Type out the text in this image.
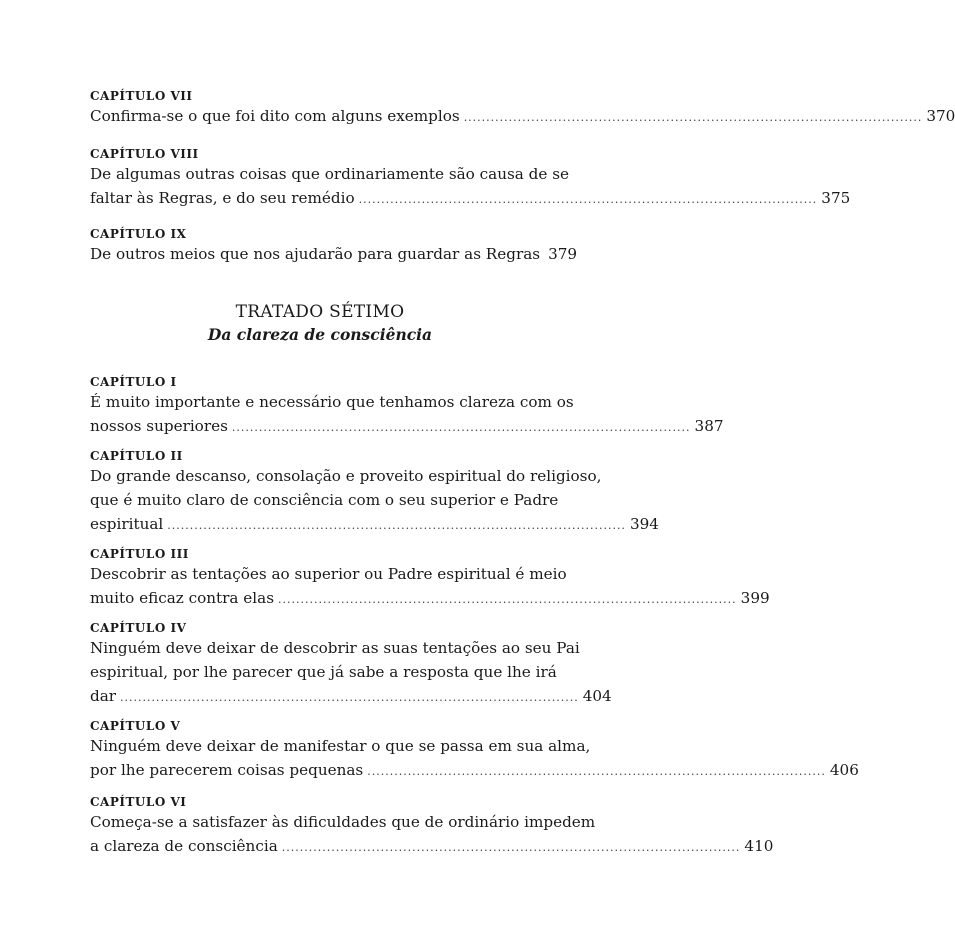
CAPÍTULO VII
Confirma-se o que foi dito com alguns exemplos ...................................................................................................... 370
CAPÍTULO VIII
De algumas outras coisas que ordinariamente são causa de se
faltar às Regras, e do seu remédio ...................................................................................................... 375
CAPÍTULO IX
De outros meios que nos ajudarão para guardar as Regras 379
TRATADO SÉTIMO
Da clareza de consciência
CAPÍTULO I
É muito importante e necessário que tenhamos clareza com os
nossos superiores ...................................................................................................... 387
CAPÍTULO II
Do grande descanso, consolação e proveito espiritual do religioso,
que é muito claro de consciência com o seu superior e Padre
espiritual ...................................................................................................... 394
CAPÍTULO III
Descobrir as tentações ao superior ou Padre espiritual é meio
muito eficaz contra elas ...................................................................................................... 399
CAPÍTULO IV
Ninguém deve deixar de descobrir as suas tentações ao seu Pai
espiritual, por lhe parecer que já sabe a resposta que lhe irá
dar ...................................................................................................... 404
CAPÍTULO V
Ninguém deve deixar de manifestar o que se passa em sua alma,
por lhe parecerem coisas pequenas ...................................................................................................... 406
CAPÍTULO VI
Começa-se a satisfazer às dificuldades que de ordinário impedem
a clareza de consciência ...................................................................................................... 410
